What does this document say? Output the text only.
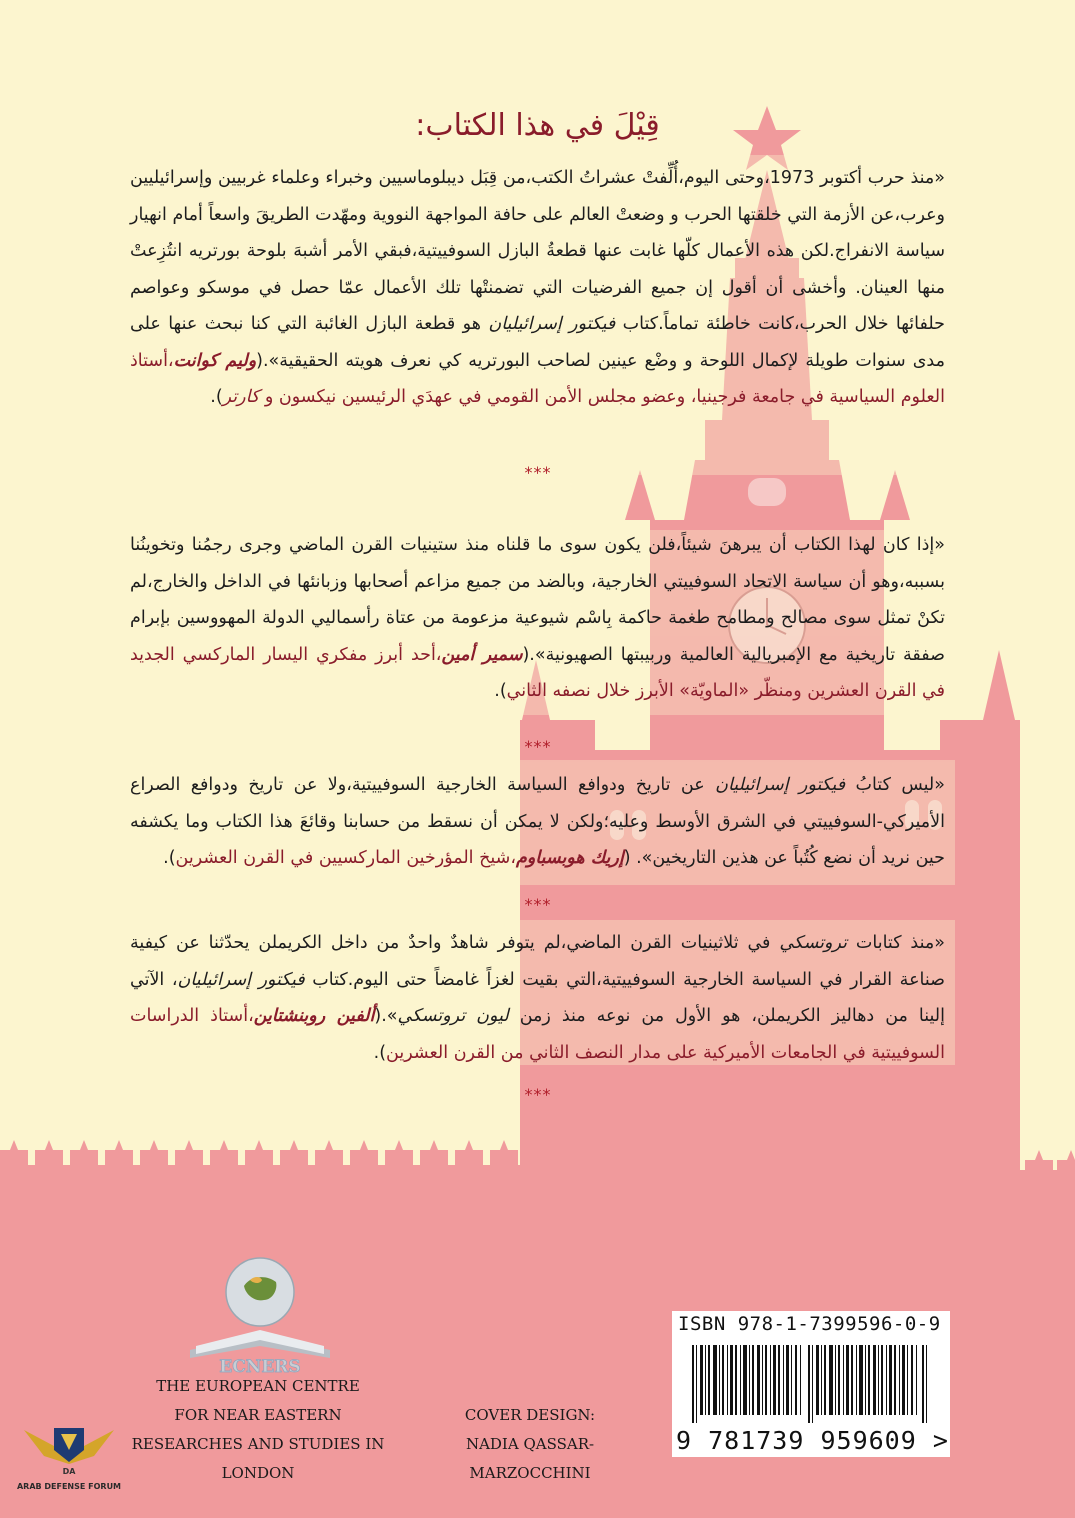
قِيْلَ في هذا الكتاب:
«منذ حرب أكتوبر 1973،وحتى اليوم،أُلِّفتْ عشراتُ الكتب،من قِبَل ديبلوماسيين وخبراء وعلماء غربيين وإسرائيليين وعرب،عن الأزمة التي خلقتها الحرب و وضعتْ العالم على حافة المواجهة النووية ومهّدت الطريقَ واسعاً أمام انهيار سياسة الانفراج.لكن هذه الأعمال كلّها غابت عنها قطعةُ البازل السوفييتية،فبقي الأمر أشبهَ بلوحة بورتريه انتُزِعتْ منها العينان. وأخشى أن أقول إن جميع الفرضيات التي تضمنتْها تلك الأعمال عمّا حصل في موسكو وعواصم حلفائها خلال الحرب،كانت خاطئة تماماً.كتاب فيكتور إسرائيليان هو قطعة البازل الغائبة التي كنا نبحث عنها على مدى سنوات طويلة لإكمال اللوحة و وضْع عينين لصاحب البورتريه كي نعرف هويته الحقيقية».(وليم كوانت،أستاذ العلوم السياسية في جامعة فرجينيا، وعضو مجلس الأمن القومي في عهدَي الرئيسين نيكسون و كارتر).
***
«إذا كان لهذا الكتاب أن يبرهنَ شيئاً،فلن يكون سوى ما قلناه منذ ستينيات القرن الماضي وجرى رجمُنا وتخوينُنا بسببه،وهو أن سياسة الاتحاد السوفييتي الخارجية، وبالضد من جميع مزاعم أصحابها وزبانئها في الداخل والخارج،لم تكنْ تمثل سوى مصالح ومطامح طغمة حاكمة بِاسْم شيوعية مزعومة من عتاة رأسماليي الدولة المهووسين بإبرام صفقة تاريخية مع الإمبريالية العالمية وربيبتها الصهيونية».(سمير أمين،أحد أبرز مفكري اليسار الماركسي الجديد في القرن العشرين ومنظّر «الماويّة» الأبرز خلال نصفه الثاني).
***
«ليس كتابُ فيكتور إسرائيليان عن تاريخ ودوافع السياسة الخارجية السوفييتية،ولا عن تاريخ ودوافع الصراع الأميركي-السوفييتي في الشرق الأوسط وعليه؛ولكن لا يمكن أن نسقط من حسابنا وقائعَ هذا الكتاب وما يكشفه حين نريد أن نضع كُتُباً عن هذين التاريخين». (إريك هوبسباوم،شيخ المؤرخين الماركسيين في القرن العشرين).
***
«منذ كتابات تروتسكي في ثلاثينيات القرن الماضي،لم يتوفر شاهدٌ واحدٌ من داخل الكريملن يحدّثنا عن كيفية صناعة القرار في السياسة الخارجية السوفييتية،التي بقيت لغزاً غامضاً حتى اليوم.كتاب فيكتور إسرائيليان، الآتي إلينا من دهاليز الكريملن، هو الأول من نوعه منذ زمن ليون تروتسكي».(ألفين روبنشتاين،أستاذ الدراسات السوفييتية في الجامعات الأميركية على مدار النصف الثاني من القرن العشرين).
***
ECNERS
THE EUROPEAN CENTRE
FOR NEAR EASTERN
RESEARCHES AND STUDIES IN LONDON
COVER DESIGN:
NADIA QASSAR-MARZOCCHINI
ISBN 978-1-7399596-0-9
9 781739 959609 >
DA
ARAB DEFENSE FORUM
